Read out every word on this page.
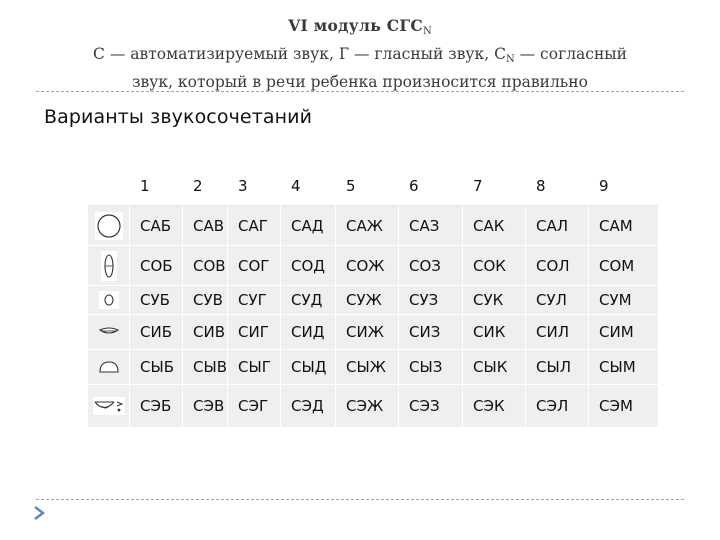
VI модуль $СГС_N$
С — автоматизируемый звук, Г — гласный звук, $С_N$ — согласный
звук, который в речи ребенка произносится правильно
Варианты звукосочетаний
1	2	3	4	5	6	7	8	9
САБ	САВ САГ	САД	САЖ	САЗ	САК	САЛ	САМ
СОБ	СОВ СОГ	СОД	СОЖ	СОЗ	СОК	СОЛ	СОМ
СУБ	СУВ	СУГ	СУД	СУЖ	СУЗ	СУК	СУЛ	СУМ
СИБ	СИВ СИГ	СИД	СИЖ	СИЗ	СИК	СИЛ	СИМ
СЫБ	СЫВ СЫГ	СЫД	СЫЖ	СЫЗ	СЫК	СЫЛ	СЫМ
СЭБ	СЭВ СЭГ	СЭД	СЭЖ	СЭЗ	СЭК	СЭЛ	СЭМ
